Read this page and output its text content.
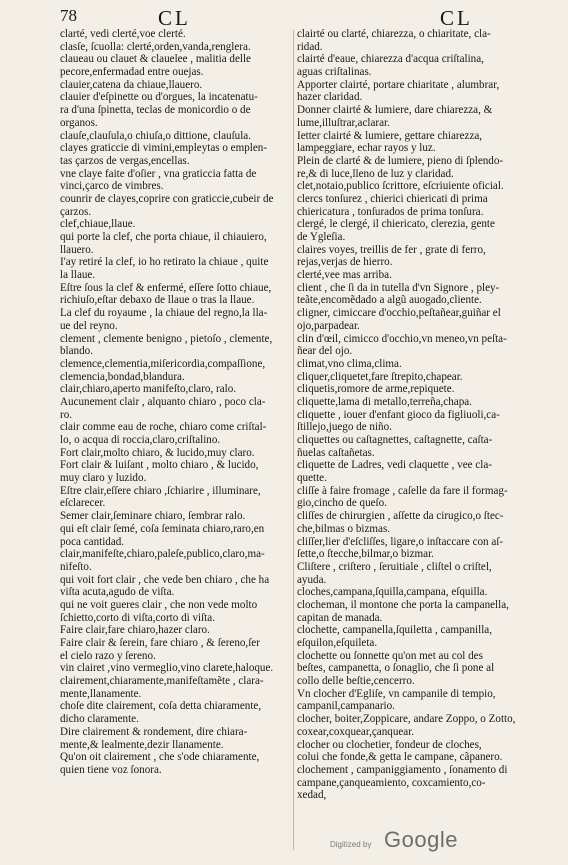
78	CL	CL
clarté, vedi clerté,voe clerté.
clasſe, ſcuolla: clerté,orden,vanda,renglera.
claueau ou clauet & clauelee , malitia delle
pecore,enfermadad entre ouejas.
clauier,catena da chiaue,llauero.
clauier d'eſpinette ou d'orgues, la incatenatu-
ra d'una ſpinetta, teclas de monicordio o de
organos.
clauſe,clauſula,o chiuſa,o dittione, clauſula.
clayes graticcie di vimini,empleytas o emplen-
tas çarzos de vergas,encellas.
vne claye faite d'oſier , vna graticcia fatta de
vinci,çarco de vimbres.
counrir de clayes,coprire con graticcie,cubeir de
çarzos.
clef,chiaue,llaue.
qui porte la clef, che porta chiaue, il chiauiero,
llauero.
I'ay retiré la clef, io ho retirato la chiaue , quite
la llaue.
Eſtre ſous la clef & enfermé, eſſere ſotto chiaue,
richiuſo,eſtar debaxo de llaue o tras la llaue.
La clef du royaume , la chiaue del regno,la lla-
ue del reyno.
clement , clemente benigno , pietoſo , clemente,
blando.
clemence,clementia,miſericordia,compaſſione,
clemencia,bondad,blandura.
clair,chiaro,aperto manifeſto,claro, ralo.
Aucunement clair , alquanto chiaro , poco cla-
ro.
clair comme eau de roche, chiaro come criſtal-
lo, o acqua di roccia,claro,criſtalino.
Fort clair,molto chiaro, & lucido,muy claro.
Fort clair & luiſant , molto chiaro , & lucido,
muy claro y luzido.
Eſtre clair,eſſere chiaro ,ſchiarire , illuminare,
eſclarecer.
Semer clair,ſeminare chiaro, ſembrar ralo.
qui eſt clair ſemé, coſa ſeminata chiaro,raro,en
poca cantidad.
clair,manifeſte,chiaro,paleſe,publico,claro,ma-
nifeſto.
qui voit fort clair , che vede ben chiaro , che ha
viſta acuta,agudo de viſta.
qui ne voit gueres clair , che non vede molto
ſchietto,corto di viſta,corto di viſta.
Faire clair,fare chiaro,hazer claro.
Faire clair & ſerein, fare chiaro , & ſereno,ſer
el cielo razo y ſereno.
vin clairet ,vino vermeglio,vino clarete,haloque.
clairement,chiaramente,manifeſtamẽte , clara-
mente,llanamente.
choſe dite clairement, coſa detta chiaramente,
dicho claramente.
Dire clairement & rondement, dire chiara-
mente,& lealmente,dezir llanamente.
Qu'on oit clairement , che s'ode chiaramente,
quien tiene voz ſonora.
clairté ou clarté, chiarezza, o chiaritate, cla-
ridad.
clairté d'eaue, chiarezza d'acqua criſtalina,
aguas criſtalinas.
Apporter clairté, portare chiaritate , alumbrar,
hazer claridad.
Donner clairté & lumiere, dare chiarezza, &
lume,illuſtrar,aclarar.
Ietter clairté & lumiere, gettare chiarezza,
lampeggiare, echar rayos y luz.
Plein de clarté & de lumiere, pieno di ſplendo-
re,& di luce,lleno de luz y claridad.
clet,notaio,publico ſcrittore, eſcriuiente oficial.
clercs tonſurez , chierici chiericati di prima
chiericatura , tonſurados de prima tonſura.
clergé, le clergé, il chiericato, clerezia, gente
de Ygleſia.
claires voyes, treillis de fer , grate di ferro,
rejas,verjas de hierro.
clerté,vee mas arriba.
client , che ſi da in tutella d'vn Signore , pley-
teãte,encomẽdado a algũ auogado,cliente.
cligner, cimiccare d'occhio,peſtañear,guiñar el
ojo,parpadear.
clin d'œil, cimicco d'occhio,vn meneo,vn peſta-
ñear del ojo.
climat,vno clima,clima.
cliquer,cliquetet,fare ſtrepito,chapear.
cliquetis,romore de arme,repiquete.
cliquette,lama di metallo,terreña,chapa.
cliquette , iouer d'enfant gioco da figliuoli,ca-
ſtillejo,juego de niño.
cliquettes ou caſtagnettes, caſtagnette, caſta-
ñuelas caſtañetas.
cliquette de Ladres, vedi claquette , vee cla-
quette.
cliſſe à faire fromage , caſelle da fare il formag-
gio,cincho de queſo.
cliſſes de chirurgien , aſſette da cirugico,o ſtec-
che,bilmas o bizmas.
cliſſer,lier d'eſcliſſes, ligare,o inſtaccare con aſ-
ſette,o ſtecche,bilmar,o bizmar.
Cliſtere , criſtero , ſeruitiale , cliſtel o criſtel,
ayuda.
cloches,campana,ſquilla,campana, eſquilla.
clocheman, il montone che porta la campanella,
capitan de manada.
clochette, campanella,ſquiletta , campanilla,
eſquilon,eſquileta.
clochette ou ſonnette qu'on met au col des
beſtes, campanetta, o ſonaglio, che ſi pone al
collo delle beſtie,cencerro.
Vn clocher d'Egliſe, vn campanile di tempio,
campanil,campanario.
clocher, boiter,Zoppicare, andare Zoppo, o Zotto,
coxear,coxquear,çanquear.
clocher ou clochetier, fondeur de cloches,
colui che fonde,& getta le campane, cãpanero.
clochement , campaniggiamento , ſonamento di
campane,çanqueamiento, coxcamiento,co-
xedad,
Digitized by Google
